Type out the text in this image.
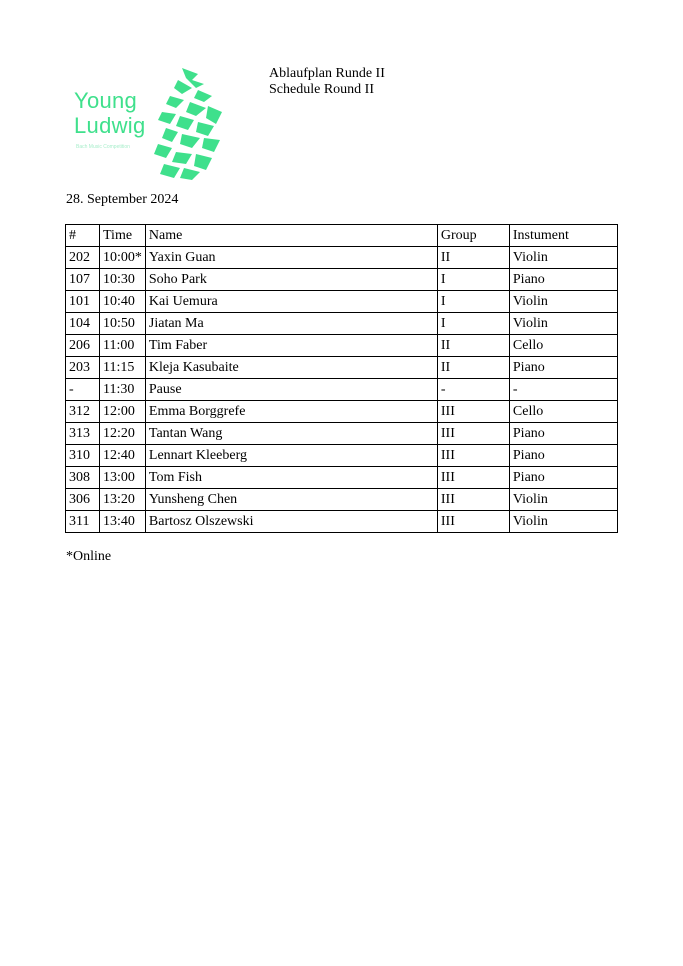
Young
Ludwig
Bach Music Competition
Ablaufplan Runde II
Schedule Round II
28. September 2024
#	Time	Name	Group	Instument
202	10:00*	Yaxin Guan	II	Violin
107	10:30	Soho Park	I	Piano
101	10:40	Kai Uemura	I	Violin
104	10:50	Jiatan Ma	I	Violin
206	11:00	Tim Faber	II	Cello
203	11:15	Kleja Kasubaite	II	Piano
-	11:30	Pause	-	-
312	12:00	Emma Borggrefe	III	Cello
313	12:20	Tantan Wang	III	Piano
310	12:40	Lennart Kleeberg	III	Piano
308	13:00	Tom Fish	III	Piano
306	13:20	Yunsheng Chen	III	Violin
311	13:40	Bartosz Olszewski	III	Violin
*Online
